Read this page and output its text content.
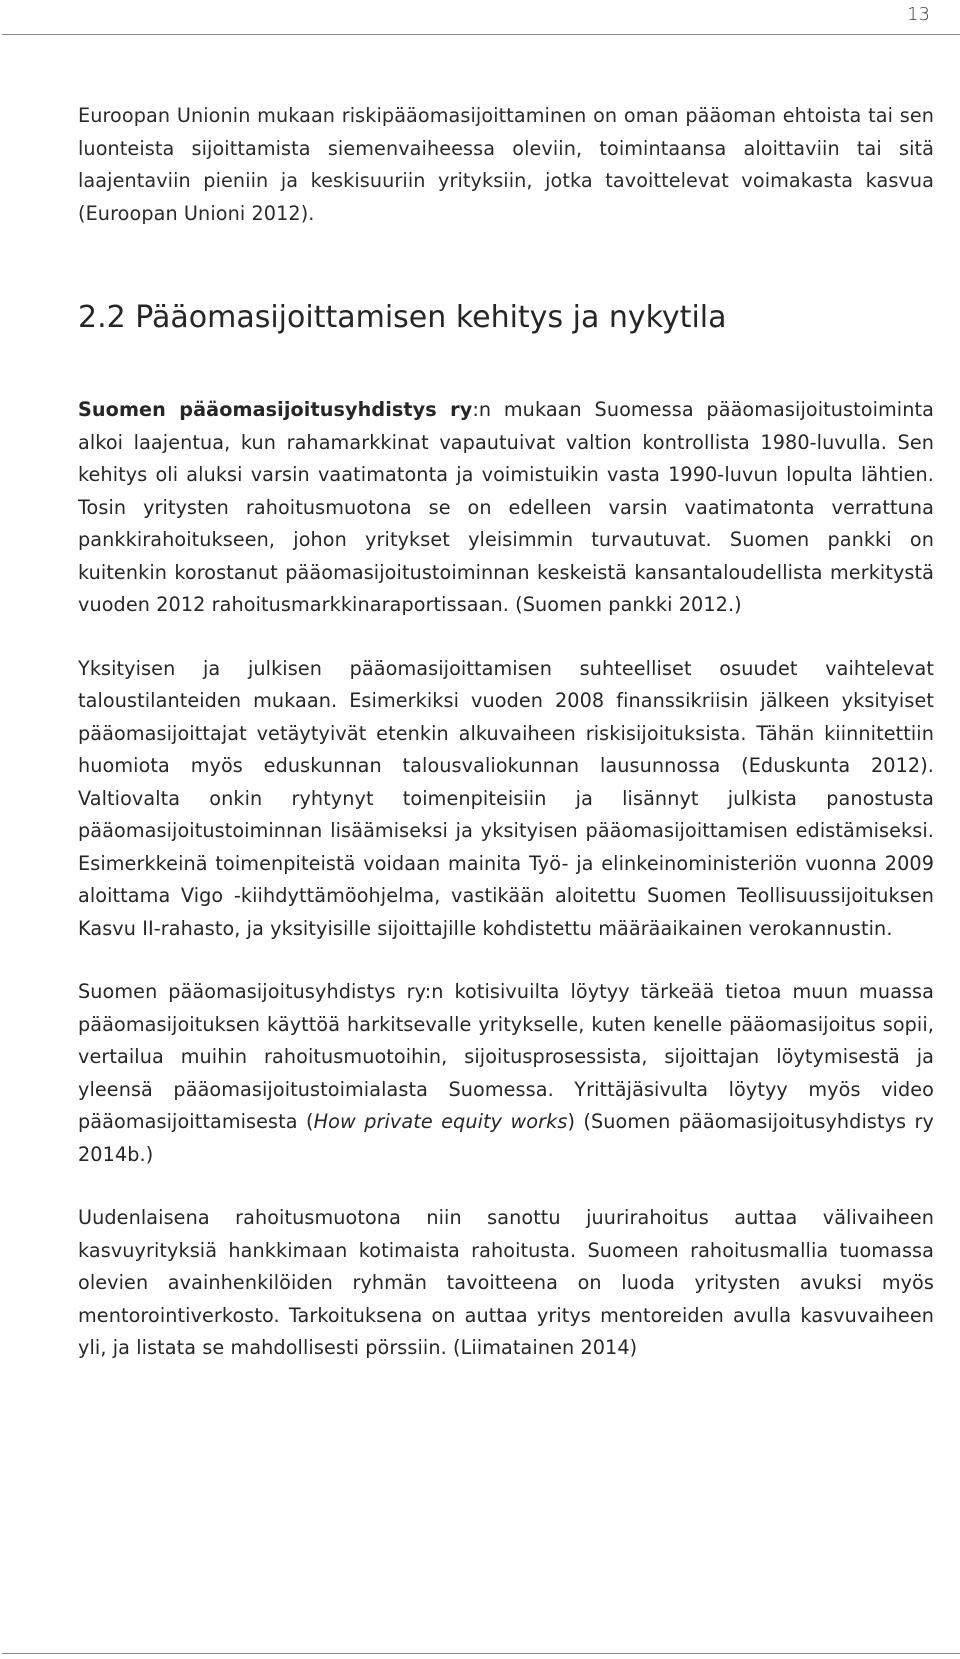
13

Euroopan Unionin mukaan riskipääomasijoittaminen on oman pääoman ehtoista tai sen luonteista sijoittamista siemenvaiheessa oleviin, toimintaansa aloittaviin tai sitä laajentaviin pieniin ja keskisuuriin yrityksiin, jotka tavoittelevat voimakasta kasvua (Euroopan Unioni 2012).

2.2 Pääomasijoittamisen kehitys ja nykytila

Suomen pääomasijoitusyhdistys ry:n mukaan Suomessa pääomasijoitustoiminta alkoi laajentua, kun rahamarkkinat vapautuivat valtion kontrollista 1980-luvulla. Sen kehitys oli aluksi varsin vaatimatonta ja voimistuikin vasta 1990-luvun lopulta lähtien. Tosin yritysten rahoitusmuotona se on edelleen varsin vaatimatonta verrattuna pankkirahoitukseen, johon yritykset yleisimmin turvautuvat. Suomen pankki on kuitenkin korostanut pääomasijoitustoiminnan keskeistä kansantaloudellista merkitystä vuoden 2012 rahoitusmarkkinaraportissaan. (Suomen pankki 2012.)

Yksityisen ja julkisen pääomasijoittamisen suhteelliset osuudet vaihtelevat taloustilanteiden mukaan. Esimerkiksi vuoden 2008 finanssikriisin jälkeen yksityiset pääomasijoittajat vetäytyivät etenkin alkuvaiheen riskisijoituksista. Tähän kiinnitettiin huomiota myös eduskunnan talousvaliokunnan lausunnossa (Eduskunta 2012). Valtiovalta onkin ryhtynyt toimenpiteisiin ja lisännyt julkista panostusta pääomasijoitustoiminnan lisäämiseksi ja yksityisen pääomasijoittamisen edistämiseksi. Esimerkkeinä toimenpiteistä voidaan mainita Työ- ja elinkeinoministeriön vuonna 2009 aloittama Vigo -kiihdyttämöohjelma, vastikään aloitettu Suomen Teollisuussijoituksen Kasvu II-rahasto, ja yksityisille sijoittajille kohdistettu määräaikainen verokannustin.

Suomen pääomasijoitusyhdistys ry:n kotisivuilta löytyy tärkeää tietoa muun muassa pääomasijoituksen käyttöä harkitsevalle yritykselle, kuten kenelle pääomasijoitus sopii, vertailua muihin rahoitusmuotoihin, sijoitusprosessista, sijoittajan löytymisestä ja yleensä pääomasijoitustoimialasta Suomessa. Yrittäjäsivulta löytyy myös video pääomasijoittamisesta (How private equity works) (Suomen pääomasijoitusyhdistys ry 2014b.)

Uudenlaisena rahoitusmuotona niin sanottu juurirahoitus auttaa välivaiheen kasvuyrityksiä hankkimaan kotimaista rahoitusta. Suomeen rahoitusmallia tuomassa olevien avainhenkilöiden ryhmän tavoitteena on luoda yritysten avuksi myös mentorointiverkosto. Tarkoituksena on auttaa yritys mentoreiden avulla kasvuvaiheen yli, ja listata se mahdollisesti pörssiin. (Liimatainen 2014)
